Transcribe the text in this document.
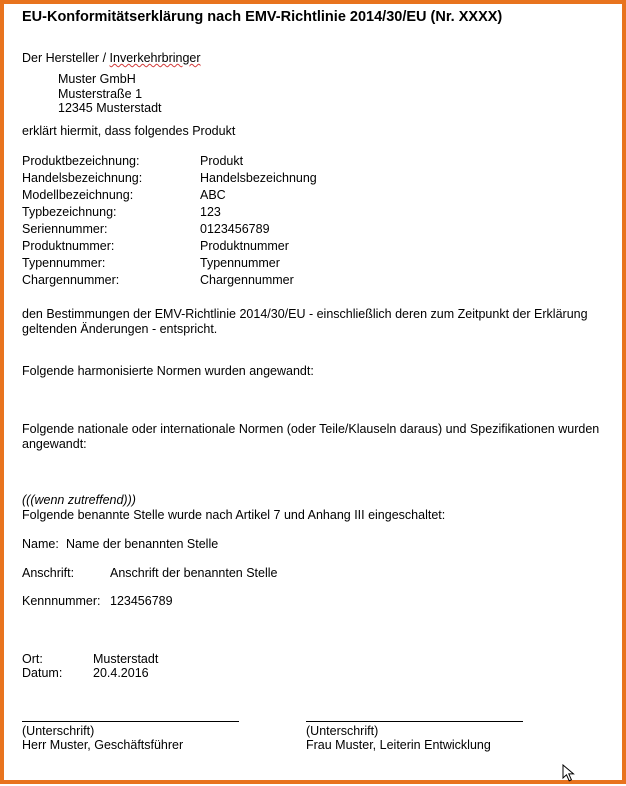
EU-Konformitätserklärung nach EMV-Richtlinie 2014/30/EU (Nr. XXXX)
Der Hersteller / Inverkehrbringer
Muster GmbH
Musterstraße 1
12345 Musterstadt
erklärt hiermit, dass folgendes Produkt
Produktbezeichnung:	Produkt
Handelsbezeichnung:	Handelsbezeichnung
Modellbezeichnung:	ABC
Typbezeichnung:	123
Seriennummer:	0123456789
Produktnummer:	Produktnummer
Typennummer:	Typennummer
Chargennummer:	Chargennummer
den Bestimmungen der EMV-Richtlinie 2014/30/EU - einschließlich deren zum Zeitpunkt der Erklärung geltenden Änderungen - entspricht.
Folgende harmonisierte Normen wurden angewandt:
Folgende nationale oder internationale Normen (oder Teile/Klauseln daraus) und Spezifikationen wurden angewandt:
(((wenn zutreffend)))
Folgende benannte Stelle wurde nach Artikel 7 und Anhang III eingeschaltet:
Name: Name der benannten Stelle
Anschrift:	Anschrift der benannten Stelle
Kennnummer: 123456789
Ort:	Musterstadt
Datum: 20.4.2016
(Unterschrift)
Herr Muster, Geschäftsführer
(Unterschrift)
Frau Muster, Leiterin Entwicklung
